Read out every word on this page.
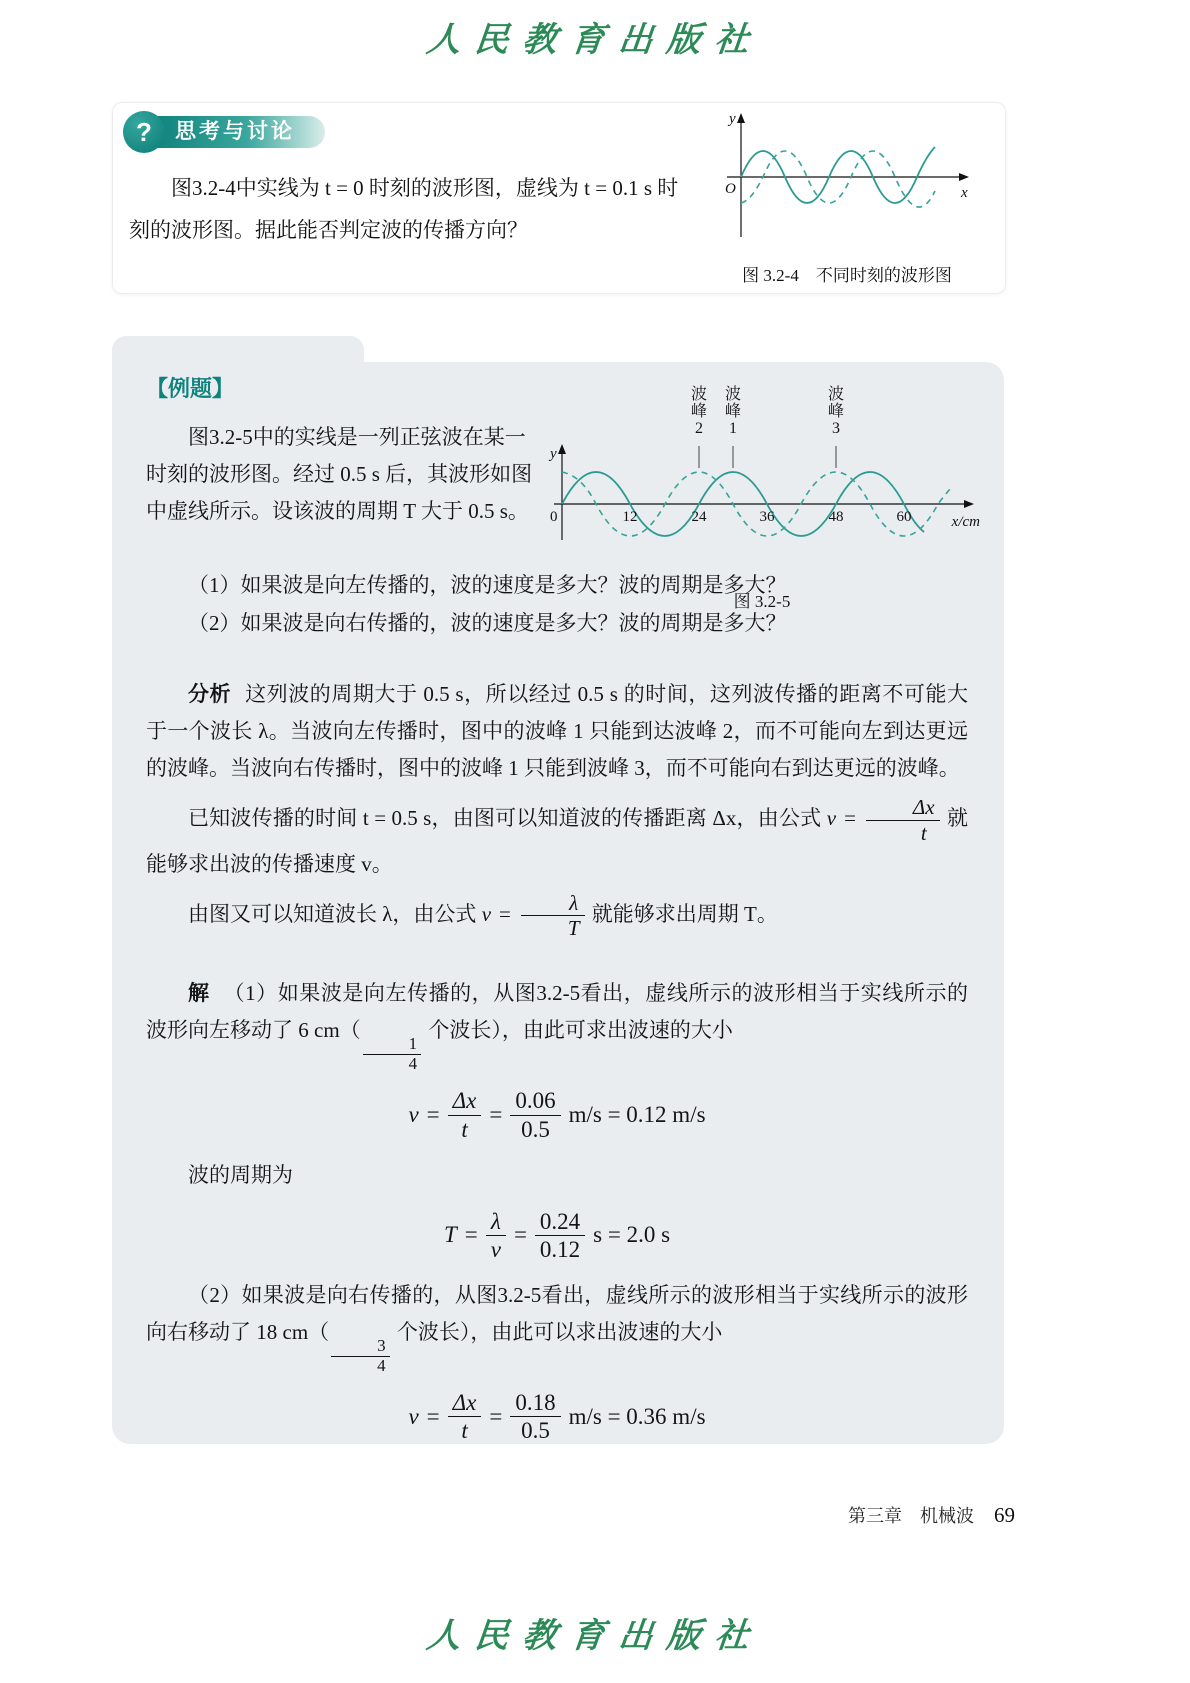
人民教育出版社
?	思考与讨论
图3.2-4中实线为 t = 0 时刻的波形图，虚线为 t = 0.1 s 时刻的波形图。据此能否判定波的传播方向？
y
x
O
图 3.2-4　不同时刻的波形图
【例题】
y
x/cm
0	12	24	36	48	60
波峰
2
波峰
1
波峰
3
图 3.2-5

图3.2-5中的实线是一列正弦波在某一时刻的波形图。经过 0.5 s 后，其波形如图中虚线所示。设该波的周期 T 大于 0.5 s。

（1）如果波是向左传播的，波的速度是多大？波的周期是多大？

（2）如果波是向右传播的，波的速度是多大？波的周期是多大？

分析 这列波的周期大于 0.5 s，所以经过 0.5 s 的时间，这列波传播的距离不可能大于一个波长 λ。当波向左传播时，图中的波峰 1 只能到达波峰 2，而不可能向左到达更远的波峰。当波向右传播时，图中的波峰 1 只能到波峰 3，而不可能向右到达更远的波峰。

已知波传播的时间 t = 0.5 s，由图可以知道波的传播距离 Δx，由公式 $v = \frac{\Delta x}{t}$ 就能够求出波的传播速度 v。

由图又可以知道波长 λ，由公式 $v = \frac{\lambda}{T}$ 就能够求出周期 T。

解 （1）如果波是向左传播的，从图3.2-5看出，虚线所示的波形相当于实线所示的波形向左移动了 6 cm（
$\frac{1}{4}$
个波长），由此可求出波速的大小

$v = \frac{\Delta x}{t} = \frac{0.06}{0.5} m/s = 0.12$ m/s

波的周期为

$T = \frac{\lambda}{v} = \frac{0.24}{0.12}$ s = 2.0 s

（2）如果波是向右传播的，从图3.2-5看出，虚线所示的波形相当于实线所示的波形向右移动了 18 cm（
$\frac{3}{4}$
个波长），由此可以求出波速的大小

$v = \frac{\Delta x}{t} = \frac{0.18}{0.5} m/s = 0.36$ m/s
第三章　机械波 69
人民教育出版社
